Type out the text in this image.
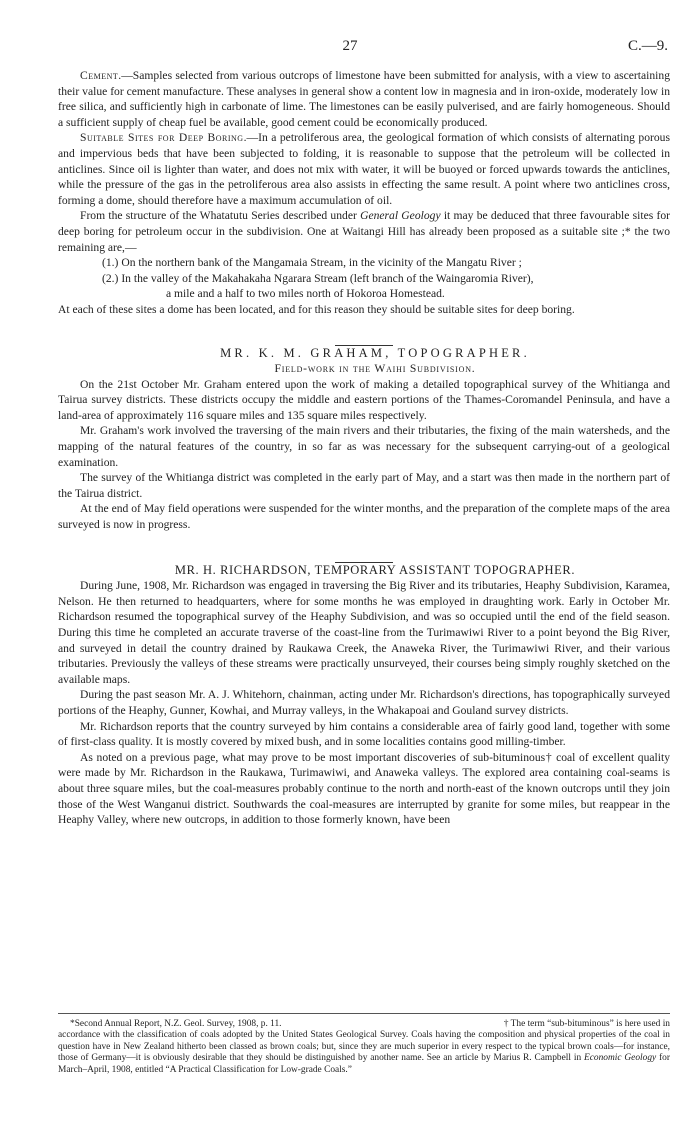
27	C.—9.

Cement.—Samples selected from various outcrops of limestone have been submitted for analysis, with a view to ascertaining their value for cement manufacture. These analyses in general show a content low in magnesia and in iron-oxide, moderately low in free silica, and sufficiently high in carbonate of lime. The limestones can be easily pulverised, and are fairly homogeneous. Should a sufficient supply of cheap fuel be available, good cement could be economically produced.

Suitable Sites for Deep Boring.—In a petroliferous area, the geological formation of which consists of alternating porous and impervious beds that have been subjected to folding, it is reasonable to suppose that the petroleum will be collected in anticlines. Since oil is lighter than water, and does not mix with water, it will be buoyed or forced upwards towards the anticlines, while the pressure of the gas in the petroliferous area also assists in effecting the same result. A point where two anticlines cross, forming a dome, should therefore have a maximum accumulation of oil.

From the structure of the Whatatutu Series described under General Geology it may be deduced that three favourable sites for deep boring for petroleum occur in the subdivision. One at Waitangi Hill has already been proposed as a suitable site ;* the two remaining are,—

(1.) On the northern bank of the Mangamaia Stream, in the vicinity of the Mangatu River ;

(2.) In the valley of the Makahakaha Ngarara Stream (left branch of the Waingaromia River),

a mile and a half to two miles north of Hokoroa Homestead.

At each of these sites a dome has been located, and for this reason they should be suitable sites for deep boring.

MR. K. M. GRAHAM, TOPOGRAPHER.

Field-work in the Waihi Subdivision.

On the 21st October Mr. Graham entered upon the work of making a detailed topographical survey of the Whitianga and Tairua survey districts. These districts occupy the middle and eastern portions of the Thames-Coromandel Peninsula, and have a land-area of approximately 116 square miles and 135 square miles respectively.

Mr. Graham's work involved the traversing of the main rivers and their tributaries, the fixing of the main watersheds, and the mapping of the natural features of the country, in so far as was necessary for the subsequent carrying-out of a geological examination.

The survey of the Whitianga district was completed in the early part of May, and a start was then made in the northern part of the Tairua district.

At the end of May field operations were suspended for the winter months, and the preparation of the complete maps of the area surveyed is now in progress.

MR. H. RICHARDSON, TEMPORARY ASSISTANT TOPOGRAPHER.

During June, 1908, Mr. Richardson was engaged in traversing the Big River and its tributaries, Heaphy Subdivision, Karamea, Nelson. He then returned to headquarters, where for some months he was employed in draughting work. Early in October Mr. Richardson resumed the topographical survey of the Heaphy Subdivision, and was so occupied until the end of the field season. During this time he completed an accurate traverse of the coast-line from the Turimawiwi River to a point beyond the Big River, and surveyed in detail the country drained by Raukawa Creek, the Anaweka River, the Turimawiwi River, and their various tributaries. Previously the valleys of these streams were practically unsurveyed, their courses being simply roughly sketched on the available maps.

During the past season Mr. A. J. Whitehorn, chainman, acting under Mr. Richardson's directions, has topographically surveyed portions of the Heaphy, Gunner, Kowhai, and Murray valleys, in the Whakapoai and Gouland survey districts.

Mr. Richardson reports that the country surveyed by him contains a considerable area of fairly good land, together with some of first-class quality. It is mostly covered by mixed bush, and in some localities contains good milling-timber.

As noted on a previous page, what may prove to be most important discoveries of sub-bituminous† coal of excellent quality were made by Mr. Richardson in the Raukawa, Turimawiwi, and Anaweka valleys. The explored area containing coal-seams is about three square miles, but the coal-measures probably continue to the north and north-east of the known outcrops until they join those of the West Wanganui district. Southwards the coal-measures are interrupted by granite for some miles, but reappear in the Heaphy Valley, where new outcrops, in addition to those formerly known, have been

*Second Annual Report, N.Z. Geol. Survey, 1908, p. 11.	† The term “sub-bituminous” is here used in

accordance with the classification of coals adopted by the United States Geological Survey. Coals having the composition and physical properties of the coal in question have in New Zealand hitherto been classed as brown coals; but, since they are much superior in every respect to the typical brown coals—for instance, those of Germany—it is obviously desirable that they should be distinguished by another name. See an article by Marius R. Campbell in Economic Geology for March–April, 1908, entitled “A Practical Classification for Low-grade Coals.”
